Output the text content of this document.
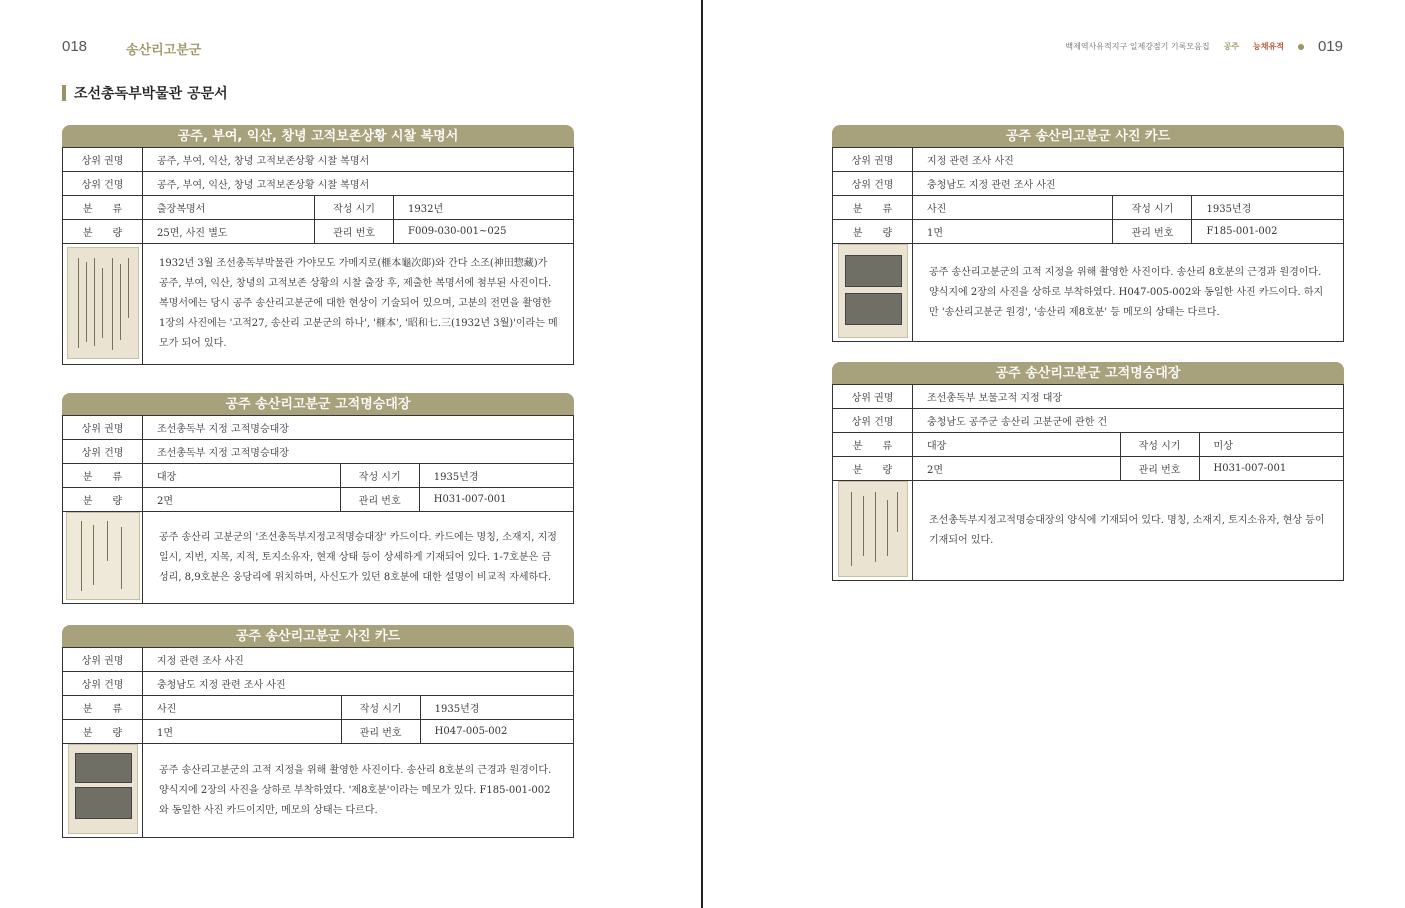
018	송산리고분군	백제역사유적지구 일제강점기 기록모음집 공주 능채유적 019
조선총독부박물관 공문서
공주, 부여, 익산, 창녕 고적보존상황 시찰 복명서
상위 권명	공주, 부여, 익산, 창녕 고적보존상황 시찰 복명서		
상위 건명	공주, 부여, 익산, 창녕 고적보존상황 시찰 복명서		
분　　류	출장복명서	작성 시기	1932년
분　　량	25면, 사진 별도	관리 번호	F009-030-001~025

	1932년 3월 조선총독부박물관 가야모도 가메지로(榧本龜次郞)와 간다 소조(神田惣藏)가 공주, 부여, 익산, 창녕의 고적보존 상황의 시찰 출장 후, 제출한 복명서에 첨부된 사진이다. 복명서에는 당시 공주 송산리고분군에 대한 현상이 기술되어 있으며, 고분의 전면을 촬영한 1장의 사진에는 '고적27, 송산리 고분군의 하나', '榧本', '昭和七.三(1932년 3월)'이라는 메모가 되어 있다.		
공주 송산리고분군 고적명승대장
상위 권명	조선총독부 지정 고적명승대장		
상위 건명	조선총독부 지정 고적명승대장		
분　　류	대장	작성 시기	1935년경
분　　량	2면	관리 번호	H031-007-001

	공주 송산리 고분군의 '조선총독부지정고적명승대장' 카드이다. 카드에는 명칭, 소재지, 지정일시, 지번, 지목, 지적, 토지소유자, 현재 상태 등이 상세하게 기재되어 있다. 1-7호분은 금성리, 8,9호분은 웅당리에 위치하며, 사신도가 있던 8호분에 대한 설명이 비교적 자세하다.		
공주 송산리고분군 사진 카드
상위 권명	지정 관련 조사 사진		
상위 건명	충청남도 지정 관련 조사 사진		
분　　류	사진	작성 시기	1935년경
분　　량	1면	관리 번호	H047-005-002

	공주 송산리고분군의 고적 지정을 위해 촬영한 사진이다. 송산리 8호분의 근경과 원경이다. 양식지에 2장의 사진을 상하로 부착하였다. '제8호분'이라는 메모가 있다. F185-001-002와 동일한 사진 카드이지만, 메모의 상태는 다르다.		
공주 송산리고분군 사진 카드
상위 권명	지정 관련 조사 사진		
상위 건명	충청남도 지정 관련 조사 사진		
분　　류	사진	작성 시기	1935년경
분　　량	1면	관리 번호	F185-001-002

	공주 송산리고분군의 고적 지정을 위해 촬영한 사진이다. 송산리 8호분의 근경과 원경이다. 양식지에 2장의 사진을 상하로 부착하였다. H047-005-002와 동일한 사진 카드이다. 하지만 '송산리고분군 원경', '송산리 제8호분' 등 메모의 상태는 다르다.		
공주 송산리고분군 고적명승대장
상위 권명	조선총독부 보물고적 지정 대장		
상위 건명	충청남도 공주군 송산리 고분군에 관한 건		
분　　류	대장	작성 시기	미상
분　　량	2면	관리 번호	H031-007-001

	조선총독부지정고적명승대장의 양식에 기재되어 있다. 명칭, 소재지, 토지소유자, 현상 등이 기재되어 있다.		
